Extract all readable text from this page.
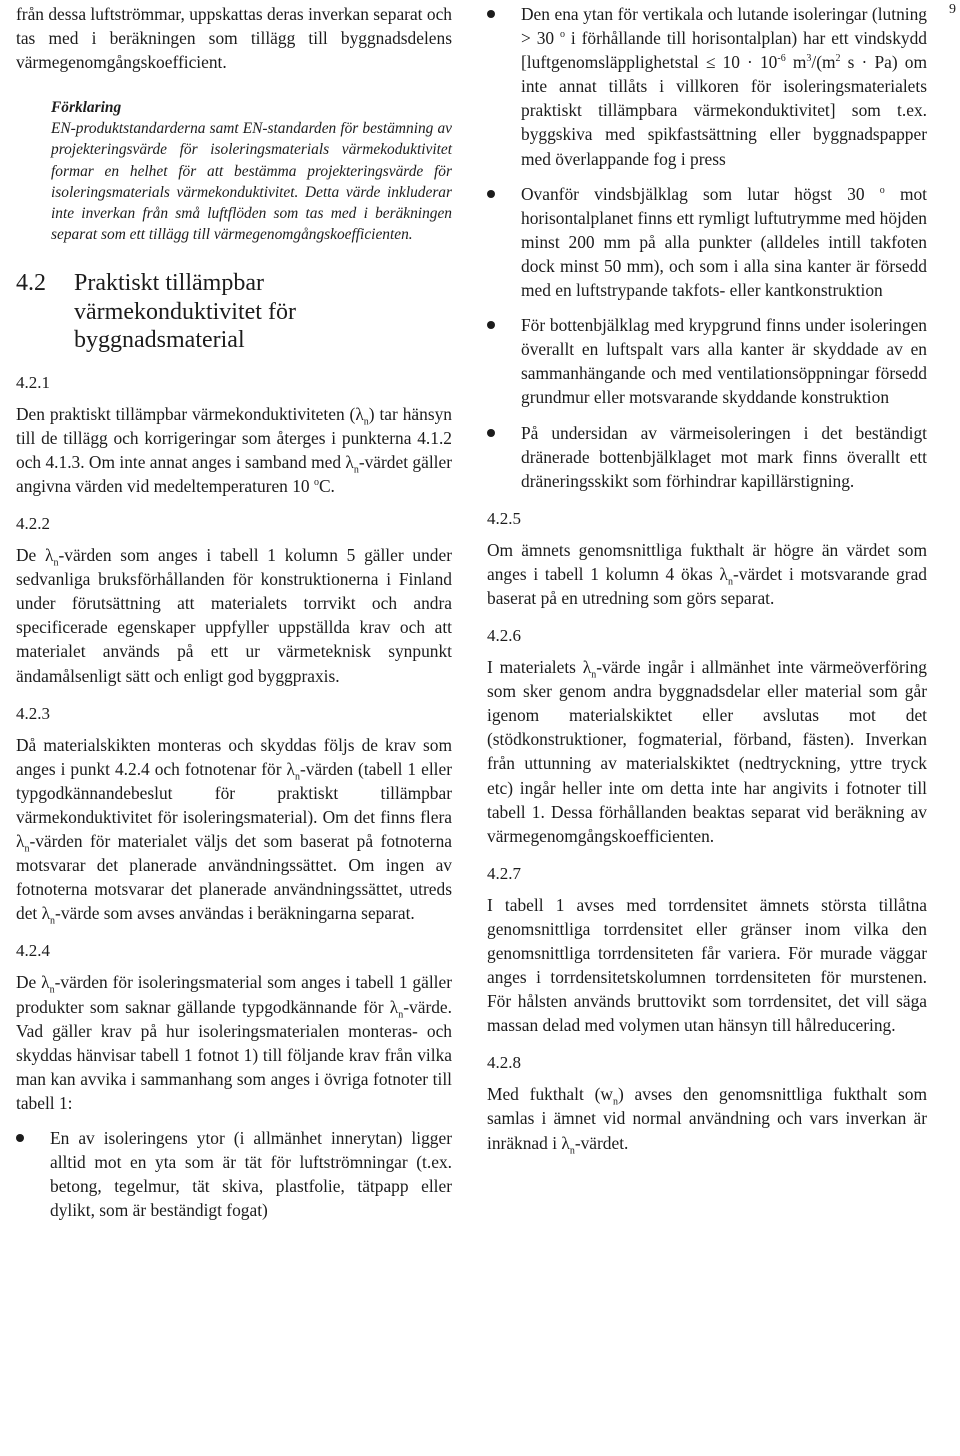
9

från dessa luftströmmar, uppskattas deras inverkan separat och tas med i beräkningen som tillägg till byggnadsdelens värmegenomgångskoefficient.

Förklaring

EN-produktstandarderna samt EN-standarden för bestämning av projekteringsvärde för isoleringsmaterials värmekoduktivitet formar en helhet för att bestämma projekteringsvärde för isoleringsmaterials värmekonduktivitet. Detta värde inkluderar inte inverkan från små luftflöden som tas med i beräkningen separat som ett tillägg till värmegenomgångskoefficienten.

4.2	Praktiskt tillämpbar värmekonduktivitet för byggnadsmaterial
4.2.1

Den praktiskt tillämpbar värmekonduktiviteten $(\lambda_n)$ tar hänsyn till de tillägg och korrigeringar som återges i punkterna 4.1.2 och 4.1.3. Om inte annat anges i samband med $\lambda_n$-värdet gäller angivna värden vid medeltemperaturen 10 $^o$C.

4.2.2

De $\lambda_n$-värden som anges i tabell 1 kolumn 5 gäller under sedvanliga bruksförhållanden för konstruktionerna i Finland under förutsättning att materialets torrvikt och andra specificerade egenskaper uppfyller uppställda krav och att materialet används på ett ur värmeteknisk synpunkt ändamålsenligt sätt och enligt god byggpraxis.

4.2.3

Då materialskikten monteras och skyddas följs de krav som anges i punkt 4.2.4 och fotnotenar för $\lambda_n$-värden (tabell 1 eller typgodkännandebeslut för praktiskt tillämpbar värmekonduktivitet för isoleringsmaterial). Om det finns flera $\lambda_n$-värden för materialet väljs det som baserat på fotnoterna motsvarar det planerade användningssättet. Om ingen av fotnoterna motsvarar det planerade användningssättet, utreds $\det \lambda_n$-värde som avses användas i beräkningarna separat.

4.2.4

De $\lambda_n$-värden för isoleringsmaterial som anges i tabell 1 gäller produkter som saknar gällande typgodkännande för $\lambda_n$-värde. Vad gäller krav på hur isoleringsmaterialen monteras- och skyddas hänvisar tabell 1 fotnot 1) till följande krav från vilka man kan avvika i sammanhang som anges i övriga fotnoter till tabell 1:

En av isoleringens ytor (i allmänhet innerytan) ligger alltid mot en yta som är tät för luftströmningar (t.ex. betong, tegelmur, tät skiva, plastfolie, tätpapp eller dylikt, som är beständigt fogat)
Den ena ytan för vertikala och lutande isoleringar (lutning > 30 $^o$ i förhållande till horisontalplan) har ett vindskydd [luftgenomsläpplighetstal ≤ $10 \cdot 10^{-6}$ $m^3/(m^2$ s · Pa) om inte annat tillåts i villkoren för isoleringsmaterialets praktiskt tillämpbara värmekonduktivitet] som t.ex. byggskiva med spikfastsättning eller byggnadspapper med överlappande fog i press
Ovanför vindsbjälklag som lutar högst 30 $^o$ mot horisontalplanet finns ett rymligt luftutrymme med höjden minst 200 mm på alla punkter (alldeles intill takfoten dock minst 50 mm), och som i alla sina kanter är försedd med en luftstrypande takfots- eller kantkonstruktion
För bottenbjälklag med krypgrund finns under isoleringen överallt en luftspalt vars alla kanter är skyddade av en sammanhängande och med ventilationsöppningar försedd grundmur eller motsvarande skyddande konstruktion
På undersidan av värmeisoleringen i det beständigt dränerade bottenbjälklaget mot mark finns överallt ett dräneringsskikt som förhindrar kapillärstigning.
4.2.5

Om ämnets genomsnittliga fukthalt är högre än värdet som anges i tabell 1 kolumn 4 ökas $\lambda_n$-värdet i motsvarande grad baserat på en utredning som görs separat.

4.2.6

I materialets $\lambda_n$-värde ingår i allmänhet inte värmeöverföring som sker genom andra byggnadsdelar eller material som går igenom materialskiktet eller avslutas mot det (stödkonstruktioner, fogmaterial, förband, fästen). Inverkan från uttunning av materialskiktet (nedtryckning, yttre tryck etc) ingår heller inte om detta inte har angivits i fotnoter till tabell 1. Dessa förhållanden beaktas separat vid beräkning av värmegenomgångskoefficienten.

4.2.7

I tabell 1 avses med torrdensitet ämnets största tillåtna genomsnittliga torrdensitet eller gränser inom vilka den genomsnittliga torrdensiteten får variera. För murade väggar anges i torrdensitetskolumnen torrdensiteten för murstenen. För hålsten används bruttovikt som torrdensitet, det vill säga massan delad med volymen utan hänsyn till hålreducering.

4.2.8

Med fukthalt $(w_n)$ avses den genomsnittliga fukthalt som samlas i ämnet vid normal användning och vars inverkan är inräknad i $\lambda_n$-värdet.
